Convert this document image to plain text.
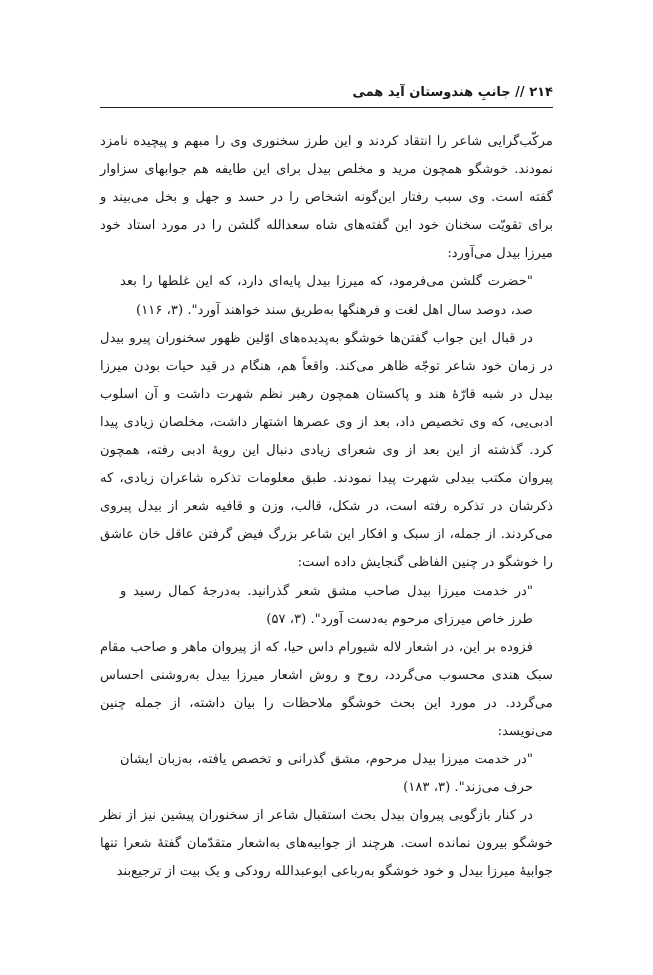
۲۱۴ // جانبِ هندوستان آید همی

مرکّب‌گرایی شاعر را انتقاد کردند و این طرز سخنوری وی را مبهم و پیچیده نامزد نمودند. خوشگو همچون مرید و مخلص بیدل برای این طایفه هم جوابهای سزاوار گفته است. وی سبب رفتار این‌گونه اشخاص را در حسد و جهل و بخل می‌بیند و برای تقویّت سخنان خود این گفته‌های شاه سعدالله گلشن را در مورد استاد خود میرزا بیدل می‌آورد:

"حضرت گلشن می‌فرمود، که میرزا بیدل پایه‌ای دارد، که این غلطها را بعد صد، دوصد سال اهل لغت و فرهنگها به‌طریق سند خواهند آورد". (۳، ۱۱۶)

در قبال این جواب گفتن‌ها خوشگو به‌پدیده‌های اوّلین ظهور سخنوران پیرو بیدل در زمان خود شاعر توجّه ظاهر می‌کند. واقعاً هم، هنگام در قید حیات بودن میرزا بیدل در شبه قارّهٔ هند و پاکستان همچون رهبر نظم شهرت داشت و آن اسلوب ادبی‌یی، که وی تخصیص داد، بعد از وی عصرها اشتهار داشت، مخلصان زیادی پیدا کرد. گذشته از این بعد از وی شعرای زیادی دنبال این رویهٔ ادبی رفته، همچون پیروان مکتب بیدلی شهرت پیدا نمودند. طبق معلومات تذکره شاعران زیادی، که ذکرشان در تذکره رفته است، در شکل، قالب، وزن و قافیه شعر از بیدل پیروی می‌کردند. از جمله، از سبک و افکار این شاعر بزرگ فیض گرفتن عاقل خان عاشق را خوشگو در چنین الفاظی گنجایش داده است:

"در خدمت میرزا بیدل صاحب مشق شعر گذرانید. به‌درجهٔ کمال رسید و طرز خاص میرزای مرحوم به‌دست آورد". (۳، ۵۷)

فزوده بر این، در اشعار لاله شیورام داس حیا، که از پیروان ماهر و صاحب مقام سبک هندی محسوب می‌گردد، روح و روش اشعار میرزا بیدل به‌روشنی احساس می‌گردد. در مورد این بحث خوشگو ملاحظات را بیان داشته، از جمله چنین می‌نویسد:

"در خدمت میرزا بیدل مرحوم، مشق گذرانی و تخصص یافته، به‌زبان ایشان حرف می‌زند". (۳، ۱۸۳)

در کنار بازگویی پیروان بیدل بحث استقبال شاعر از سخنوران پیشین نیز از نظر خوشگو بیرون نمانده است. هرچند از جوابیه‌های به‌اشعار متقدّمان گفتهٔ شعرا تنها جوابیهٔ میرزا بیدل و خود خوشگو به‌رباعی ابوعبدالله رودکی و یک بیت از ترجیع‌بند
